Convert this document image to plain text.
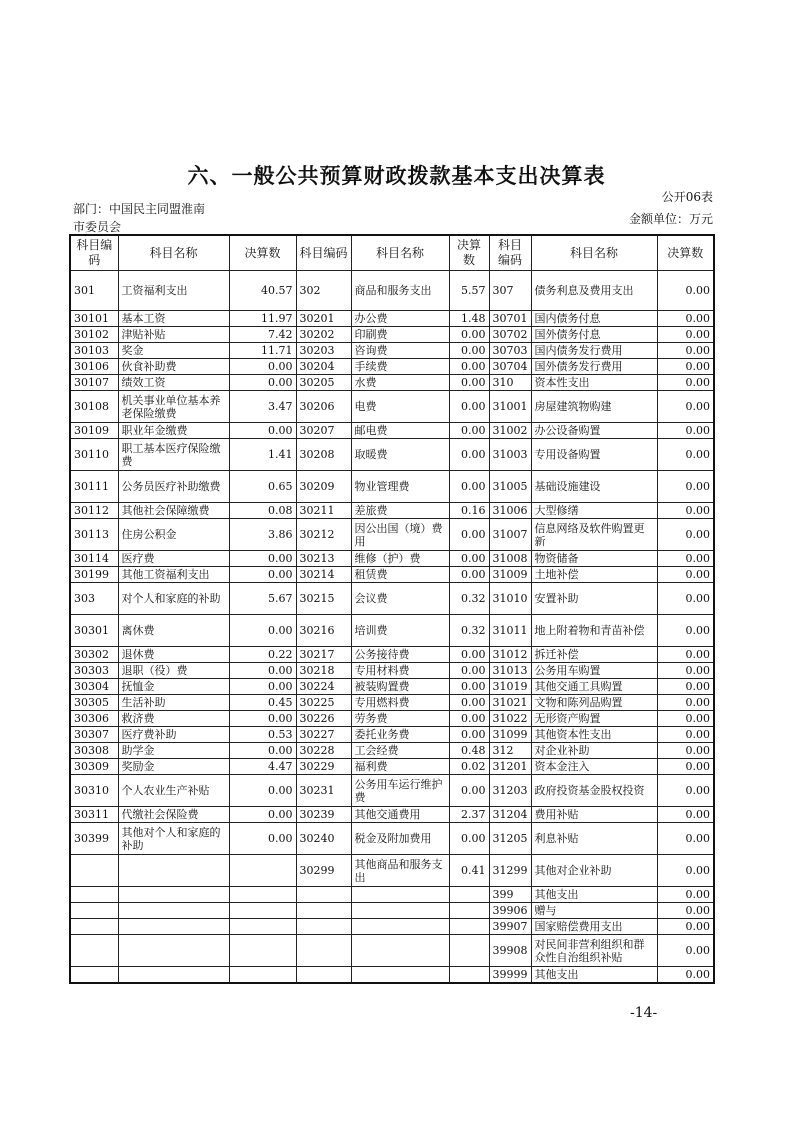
六、一般公共预算财政拨款基本支出决算表
公开06表
部门：中国民主同盟淮南
市委员会
金额单位：万元
科目编码	科目名称	决算数	科目编码	科目名称	决算数	科目编码	科目名称	决算数
301	工资福利支出	40.57	302	商品和服务支出	5.57	307	债务利息及费用支出	0.00
30101	基本工资	11.97	30201	办公费	1.48	30701	国内债务付息	0.00
30102	津贴补贴	7.42	30202	印刷费	0.00	30702	国外债务付息	0.00
30103	奖金	11.71	30203	咨询费	0.00	30703	国内债务发行费用	0.00
30106	伙食补助费	0.00	30204	手续费	0.00	30704	国外债务发行费用	0.00
30107	绩效工资	0.00	30205	水费	0.00	310	资本性支出	0.00
30108	机关事业单位基本养老保险缴费	3.47	30206	电费	0.00	31001	房屋建筑物购建	0.00
30109	职业年金缴费	0.00	30207	邮电费	0.00	31002	办公设备购置	0.00
30110	职工基本医疗保险缴费	1.41	30208	取暖费	0.00	31003	专用设备购置	0.00
30111	公务员医疗补助缴费	0.65	30209	物业管理费	0.00	31005	基础设施建设	0.00
30112	其他社会保障缴费	0.08	30211	差旅费	0.16	31006	大型修缮	0.00
30113	住房公积金	3.86	30212	因公出国（境）费用	0.00	31007	信息网络及软件购置更新	0.00
30114	医疗费	0.00	30213	维修（护）费	0.00	31008	物资储备	0.00
30199	其他工资福利支出	0.00	30214	租赁费	0.00	31009	土地补偿	0.00
303	对个人和家庭的补助	5.67	30215	会议费	0.32	31010	安置补助	0.00
30301	离休费	0.00	30216	培训费	0.32	31011	地上附着物和青苗补偿	0.00
30302	退休费	0.22	30217	公务接待费	0.00	31012	拆迁补偿	0.00
30303	退职（役）费	0.00	30218	专用材料费	0.00	31013	公务用车购置	0.00
30304	抚恤金	0.00	30224	被装购置费	0.00	31019	其他交通工具购置	0.00
30305	生活补助	0.45	30225	专用燃料费	0.00	31021	文物和陈列品购置	0.00
30306	救济费	0.00	30226	劳务费	0.00	31022	无形资产购置	0.00
30307	医疗费补助	0.53	30227	委托业务费	0.00	31099	其他资本性支出	0.00
30308	助学金	0.00	30228	工会经费	0.48	312	对企业补助	0.00
30309	奖励金	4.47	30229	福利费	0.02	31201	资本金注入	0.00
30310	个人农业生产补贴	0.00	30231	公务用车运行维护费	0.00	31203	政府投资基金股权投资	0.00
30311	代缴社会保险费	0.00	30239	其他交通费用	2.37	31204	费用补贴	0.00
30399	其他对个人和家庭的补助	0.00	30240	税金及附加费用	0.00	31205	利息补贴	0.00
			30299	其他商品和服务支出	0.41	31299	其他对企业补助	0.00
						399	其他支出	0.00
						39906	赠与	0.00
						39907	国家赔偿费用支出	0.00
						39908	对民间非营利组织和群众性自治组织补贴	0.00
						39999	其他支出	0.00
-14-
